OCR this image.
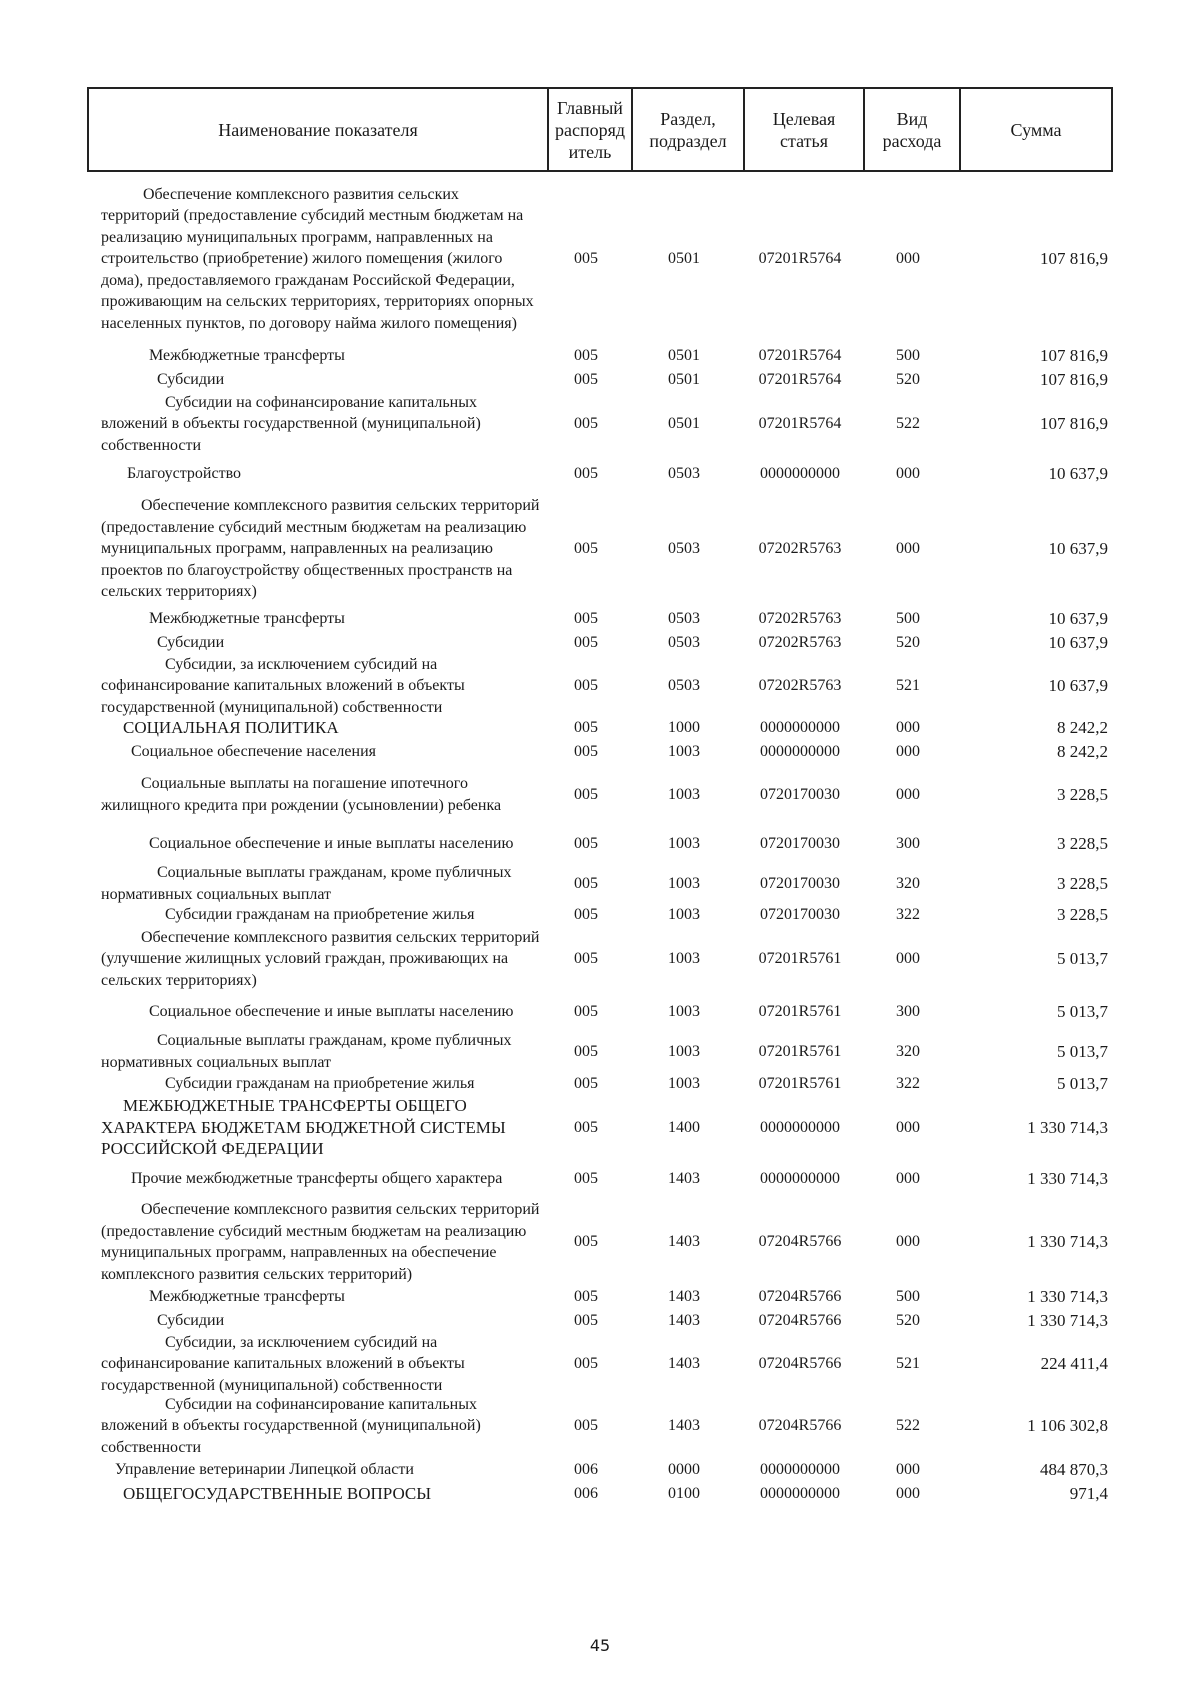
Наименование показателя	Главный
распоряд
итель	Раздел,
подраздел	Целевая
статья	Вид
расхода	Сумма
Обеспечение комплексного развития сельских территорий (предоставление субсидий местным бюджетам на реализацию муниципальных программ, направленных на строительство (приобретение) жилого помещения (жилого дома), предоставляемого гражданам Российской Федерации, проживающим на сельских территориях, территориях опорных населенных пунктов, по договору найма жилого помещения)
005	0501	07201R5764	000	107 816,9
Межбюджетные трансферты	005	0501	07201R5764	500	107 816,9
Субсидии	005	0501	07201R5764	520	107 816,9
Субсидии на софинансирование капитальных вложений в объекты государственной (муниципальной) собственности
005	0501	07201R5764	522	107 816,9
Благоустройство	005	0503	0000000000	000	10 637,9
Обеспечение комплексного развития сельских территорий (предоставление субсидий местным бюджетам на реализацию муниципальных программ, направленных на реализацию проектов по благоустройству общественных пространств на сельских территориях)
005	0503	07202R5763	000	10 637,9
Межбюджетные трансферты	005	0503	07202R5763	500	10 637,9
Субсидии	005	0503	07202R5763	520	10 637,9
Субсидии, за исключением субсидий на софинансирование капитальных вложений в объекты государственной (муниципальной) собственности
005	0503	07202R5763	521	10 637,9
СОЦИАЛЬНАЯ ПОЛИТИКА	005	1000	0000000000	000	8 242,2
Социальное обеспечение населения	005	1003	0000000000	000	8 242,2
Социальные выплаты на погашение ипотечного жилищного кредита при рождении (усыновлении) ребенка
005	1003	0720170030	000	3 228,5
Социальное обеспечение и иные выплаты населению	005	1003	0720170030	300	3 228,5
Социальные выплаты гражданам, кроме публичных нормативных социальных выплат
005	1003	0720170030	320	3 228,5
Субсидии гражданам на приобретение жилья	005	1003	0720170030	322	3 228,5
Обеспечение комплексного развития сельских территорий (улучшение жилищных условий граждан, проживающих на сельских территориях)
005	1003	07201R5761	000	5 013,7
Социальное обеспечение и иные выплаты населению	005	1003	07201R5761	300	5 013,7
Социальные выплаты гражданам, кроме публичных нормативных социальных выплат
005	1003	07201R5761	320	5 013,7
Субсидии гражданам на приобретение жилья	005	1003	07201R5761	322	5 013,7
МЕЖБЮДЖЕТНЫЕ ТРАНСФЕРТЫ ОБЩЕГО ХАРАКТЕРА БЮДЖЕТАМ БЮДЖЕТНОЙ СИСТЕМЫ РОССИЙСКОЙ ФЕДЕРАЦИИ
005	1400	0000000000	000	1 330 714,3
Прочие межбюджетные трансферты общего характера	005	1403	0000000000	000	1 330 714,3
Обеспечение комплексного развития сельских территорий (предоставление субсидий местным бюджетам на реализацию муниципальных программ, направленных на обеспечение комплексного развития сельских территорий)
005	1403	07204R5766	000	1 330 714,3
Межбюджетные трансферты	005	1403	07204R5766	500	1 330 714,3
Субсидии	005	1403	07204R5766	520	1 330 714,3
Субсидии, за исключением субсидий на софинансирование капитальных вложений в объекты государственной (муниципальной) собственности
005	1403	07204R5766	521	224 411,4
Субсидии на софинансирование капитальных вложений в объекты государственной (муниципальной) собственности
005	1403	07204R5766	522	1 106 302,8
Управление ветеринарии Липецкой области	006	0000	0000000000	000	484 870,3
ОБЩЕГОСУДАРСТВЕННЫЕ ВОПРОСЫ	006	0100	0000000000	000	971,4
45
